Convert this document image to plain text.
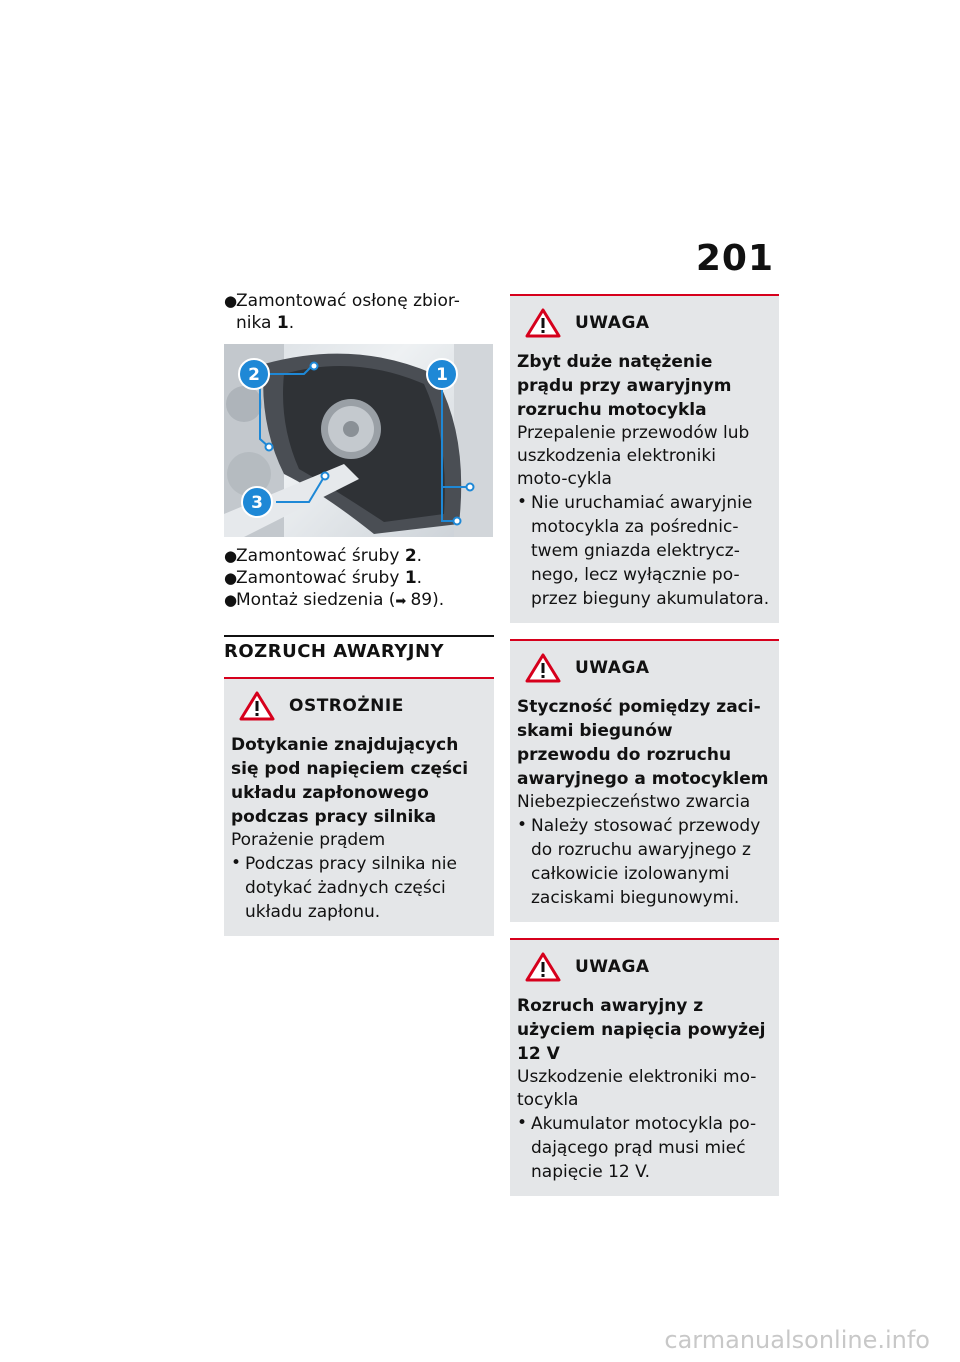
201
●
Zamontować osłonę zbior-nika 1.
2	1
3
●
Zamontować śruby 2.
●
Zamontować śruby 1.
●
Montaż siedzenia (➡ 89).
ROZRUCH AWARYJNY
OSTROŻNIE
Dotykanie znajdujących się pod napięciem części układu zapłonowego podczas pracy silnika
Porażenie prądem
• Podczas pracy silnika nie dotykać żadnych części układu zapłonu.
UWAGA
Zbyt duże natężenie prądu przy awaryjnym rozruchu motocykla
Przepalenie przewodów lub uszkodzenia elektroniki moto-cykla
• Nie uruchamiać awaryjnie motocykla za pośrednic-twem gniazda elektrycz-nego, lecz wyłącznie po-przez bieguny akumulatora.
UWAGA
Styczność pomiędzy zaci-skami biegunów przewodu do rozruchu awaryjnego a motocyklem
Niebezpieczeństwo zwarcia
• Należy stosować przewody do rozruchu awaryjnego z całkowicie izolowanymi zaciskami biegunowymi.
UWAGA
Rozruch awaryjny z użyciem napięcia powyżej 12 V
Uszkodzenie elektroniki mo-tocykla
• Akumulator motocykla po-dającego prąd musi mieć napięcie 12 V.
carmanualsonline.info
